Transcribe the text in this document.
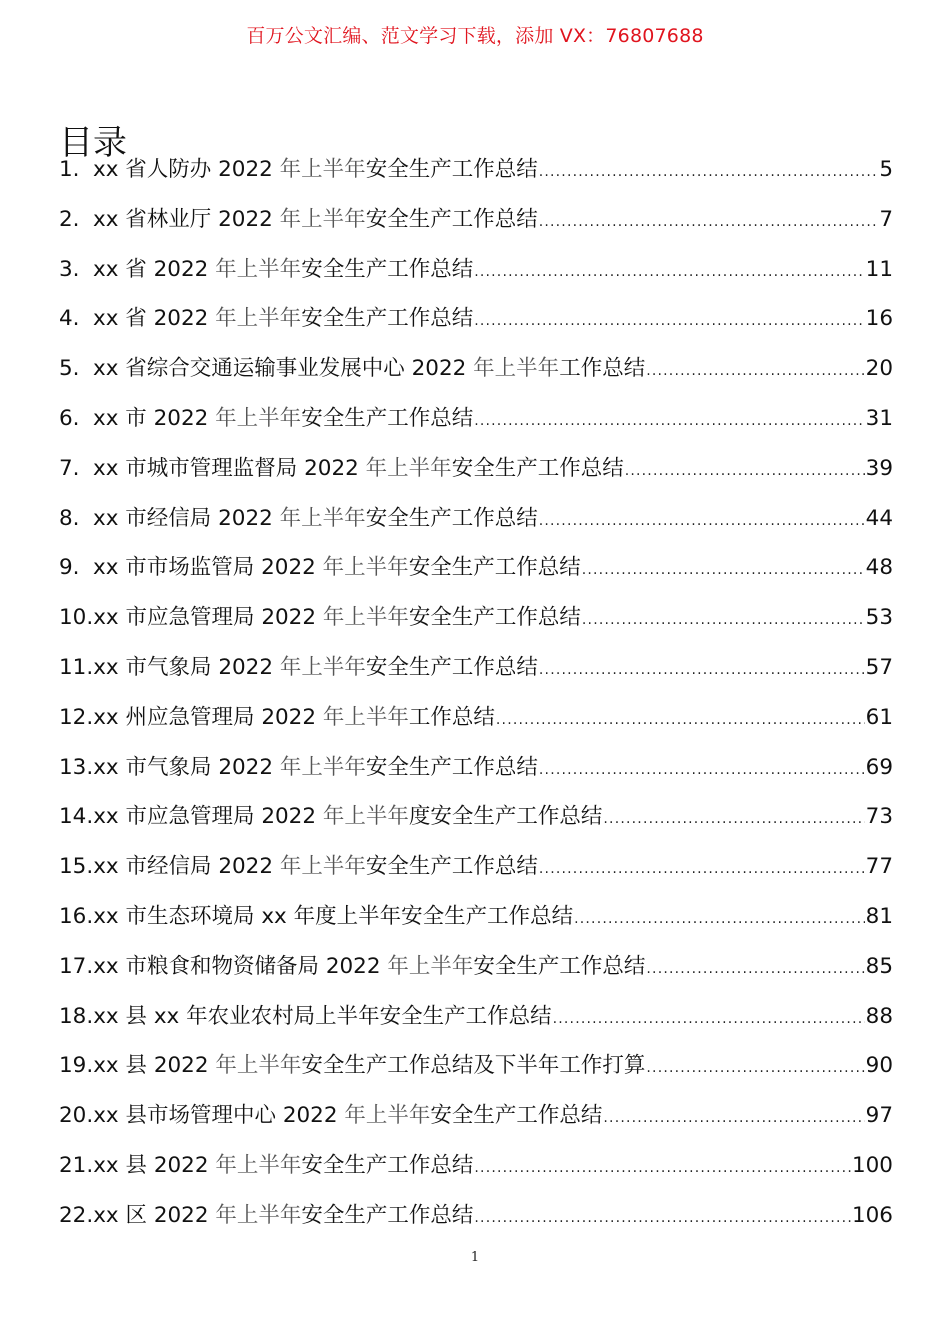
百万公文汇编、范文学习下载，添加 VX：76807688
目录
1. xx 省人防办 2022 年上半年安全生产工作总结 .....	5
2. xx 省林业厅 2022 年上半年安全生产工作总结 .....	7
3. xx 省 2022 年上半年安全生产工作总结 .....	11
4. xx 省 2022 年上半年安全生产工作总结 .....	16
5. xx 省综合交通运输事业发展中心 2022 年上半年工作总结 .....	20
6. xx 市 2022 年上半年安全生产工作总结 .....	31
7. xx 市城市管理监督局 2022 年上半年安全生产工作总结 .....	39
8. xx 市经信局 2022 年上半年安全生产工作总结 .....	44
9. xx 市市场监管局 2022 年上半年安全生产工作总结 .....	48
10. xx 市应急管理局 2022 年上半年安全生产工作总结 .....	53
11. xx 市气象局 2022 年上半年安全生产工作总结 .....	57
12. xx 州应急管理局 2022 年上半年工作总结 .....	61
13. xx 市气象局 2022 年上半年安全生产工作总结 .....	69
14. xx 市应急管理局 2022 年上半年度安全生产工作总结 .....	73
15. xx 市经信局 2022 年上半年安全生产工作总结 .....	77
16. xx 市生态环境局 xx 年度上半年安全生产工作总结 .....	81
17. xx 市粮食和物资储备局 2022 年上半年安全生产工作总结 .....	85
18. xx 县 xx 年农业农村局上半年安全生产工作总结 .....	88
19. xx 县 2022 年上半年安全生产工作总结及下半年工作打算 .....	90
20. xx 县市场管理中心 2022 年上半年安全生产工作总结 .....	97
21. xx 县 2022 年上半年安全生产工作总结 .....	100
22. xx 区 2022 年上半年安全生产工作总结 .....	106
1
